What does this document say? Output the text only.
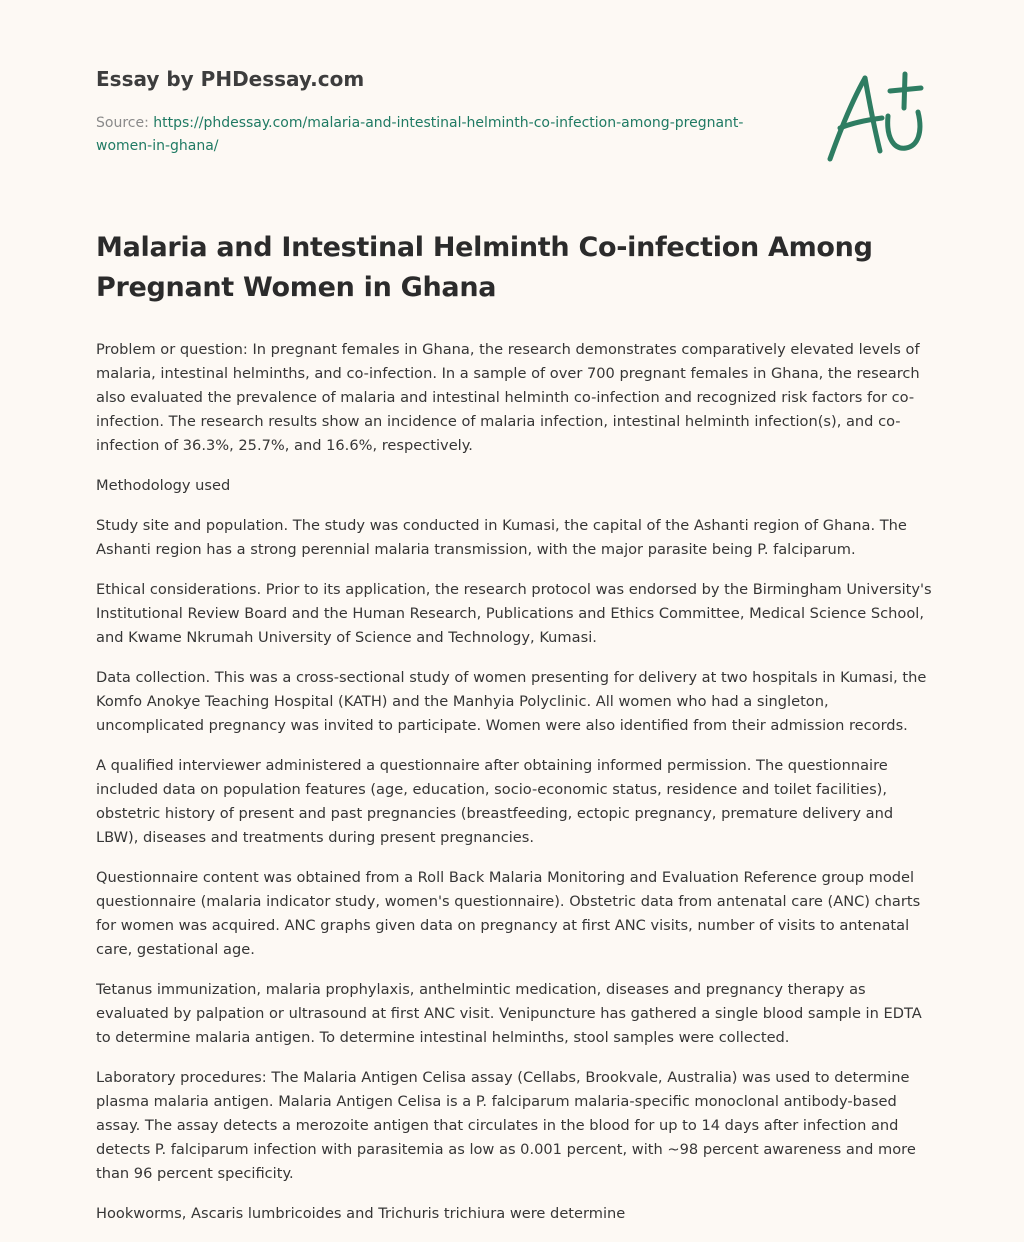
Essay by PHDessay.com
Source: https://phdessay.com/malaria-and-intestinal-helminth-co-infection-among-pregnant-women-in-ghana/
Malaria and Intestinal Helminth Co-infection Among Pregnant Women in Ghana

Problem or question: In pregnant females in Ghana, the research demonstrates comparatively elevated levels of malaria, intestinal helminths, and co-infection. In a sample of over 700 pregnant females in Ghana, the research also evaluated the prevalence of malaria and intestinal helminth co-infection and recognized risk factors for co-infection. The research results show an incidence of malaria infection, intestinal helminth infection(s), and co-infection of 36.3%, 25.7%, and 16.6%, respectively.

Methodology used

Study site and population. The study was conducted in Kumasi, the capital of the Ashanti region of Ghana. The Ashanti region has a strong perennial malaria transmission, with the major parasite being P. falciparum.

Ethical considerations. Prior to its application, the research protocol was endorsed by the Birmingham University's Institutional Review Board and the Human Research, Publications and Ethics Committee, Medical Science School, and Kwame Nkrumah University of Science and Technology, Kumasi.

Data collection. This was a cross-sectional study of women presenting for delivery at two hospitals in Kumasi, the Komfo Anokye Teaching Hospital (KATH) and the Manhyia Polyclinic. All women who had a singleton, uncomplicated pregnancy was invited to participate. Women were also identified from their admission records.

A qualified interviewer administered a questionnaire after obtaining informed permission. The questionnaire included data on population features (age, education, socio-economic status, residence and toilet facilities), obstetric history of present and past pregnancies (breastfeeding, ectopic pregnancy, premature delivery and LBW), diseases and treatments during present pregnancies.

Questionnaire content was obtained from a Roll Back Malaria Monitoring and Evaluation Reference group model questionnaire (malaria indicator study, women's questionnaire). Obstetric data from antenatal care (ANC) charts for women was acquired. ANC graphs given data on pregnancy at first ANC visits, number of visits to antenatal care, gestational age.

Tetanus immunization, malaria prophylaxis, anthelmintic medication, diseases and pregnancy therapy as evaluated by palpation or ultrasound at first ANC visit. Venipuncture has gathered a single blood sample in EDTA to determine malaria antigen. To determine intestinal helminths, stool samples were collected.

Laboratory procedures: The Malaria Antigen Celisa assay (Cellabs, Brookvale, Australia) was used to determine plasma malaria antigen. Malaria Antigen Celisa is a P. falciparum malaria-specific monoclonal antibody-based assay. The assay detects a merozoite antigen that circulates in the blood for up to 14 days after infection and detects P. falciparum infection with parasitemia as low as 0.001 percent, with ~98 percent awareness and more than 96 percent specificity.

Hookworms, Ascaris lumbricoides and Trichuris trichiura were determine
